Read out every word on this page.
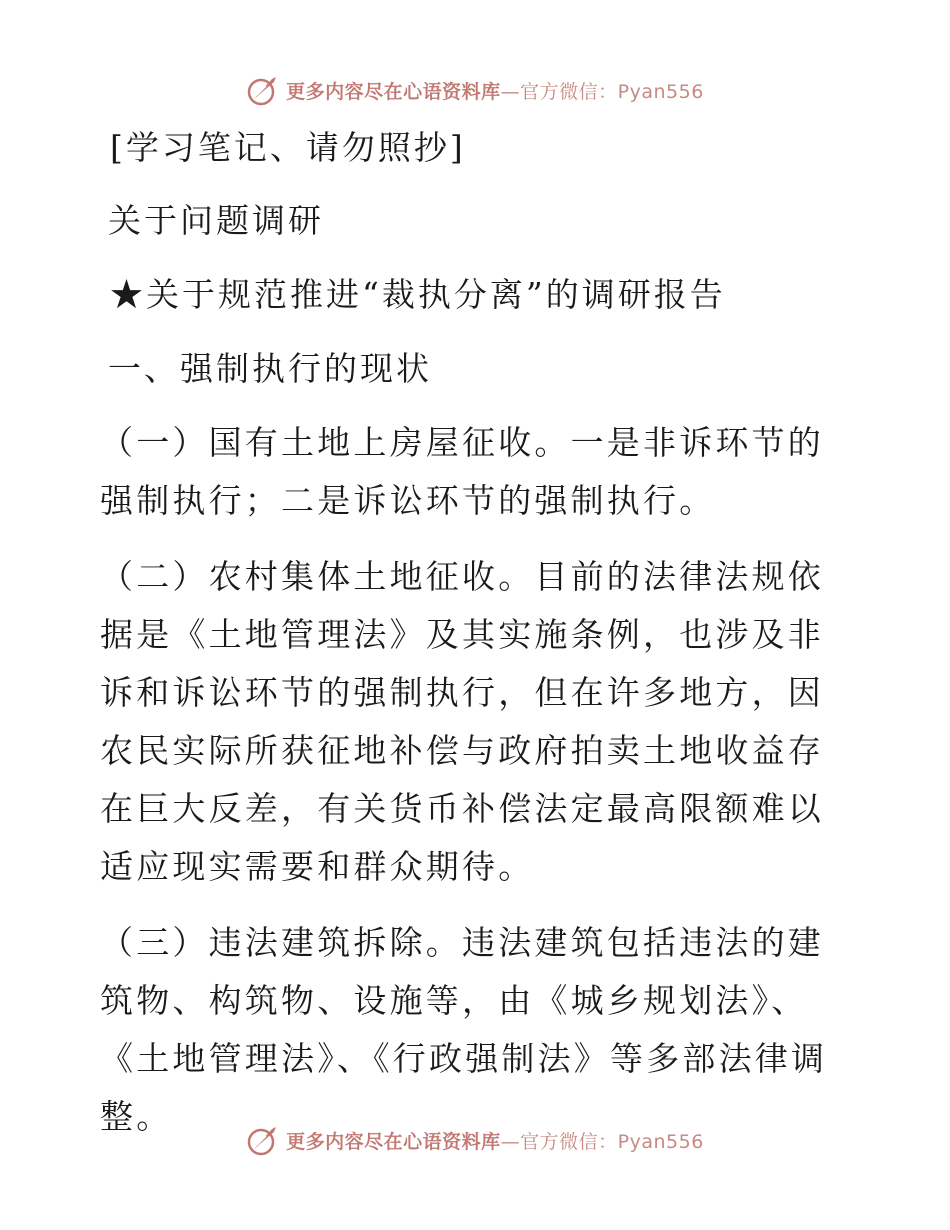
更多内容尽在心语资料库—官方微信：Pyan556
[学习笔记、请勿照抄]
关于问题调研
★关于规范推进“裁执分离”的调研报告
一、强制执行的现状
（一）国有土地上房屋征收。一是非诉环节的强制执行；二是诉讼环节的强制执行。
（二）农村集体土地征收。目前的法律法规依据是《土地管理法》及其实施条例，也涉及非诉和诉讼环节的强制执行，但在许多地方，因农民实际所获征地补偿与政府拍卖土地收益存在巨大反差，有关货币补偿法定最高限额难以适应现实需要和群众期待。
（三）违法建筑拆除。违法建筑包括违法的建筑物、构筑物、设施等，由《城乡规划法》、《土地管理法》、《行政强制法》等多部法律调整。
更多内容尽在心语资料库—官方微信：Pyan556
